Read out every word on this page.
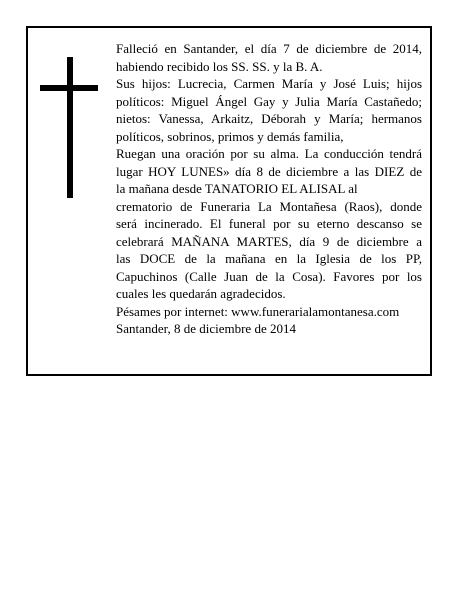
Falleció en Santander, el día 7 de diciembre de 2014,
habiendo recibido los SS. SS. y la B. A.
Sus hijos: Lucrecia, Carmen María y José Luis; hijos
políticos: Miguel Ángel Gay y Julia María Castañedo;
nietos: Vanessa, Arkaitz, Déborah y María; hermanos
políticos, sobrinos, primos y demás familia,
Ruegan una oración por su alma. La conducción tendrá
lugar HOY LUNES» día 8 de diciembre a las DIEZ de
la mañana desde TANATORIO EL ALISAL al
crematorio de Funeraria La Montañesa (Raos), donde
será incinerado. El funeral por su eterno descanso se
celebrará MAÑANA MARTES, día 9 de diciembre a
las DOCE de la mañana en la Iglesia de los PP,
Capuchinos (Calle Juan de la Cosa). Favores por los
cuales les quedarán agradecidos.
Pésames por internet: www.funerarialamontanesa.com
Santander, 8 de diciembre de 2014
